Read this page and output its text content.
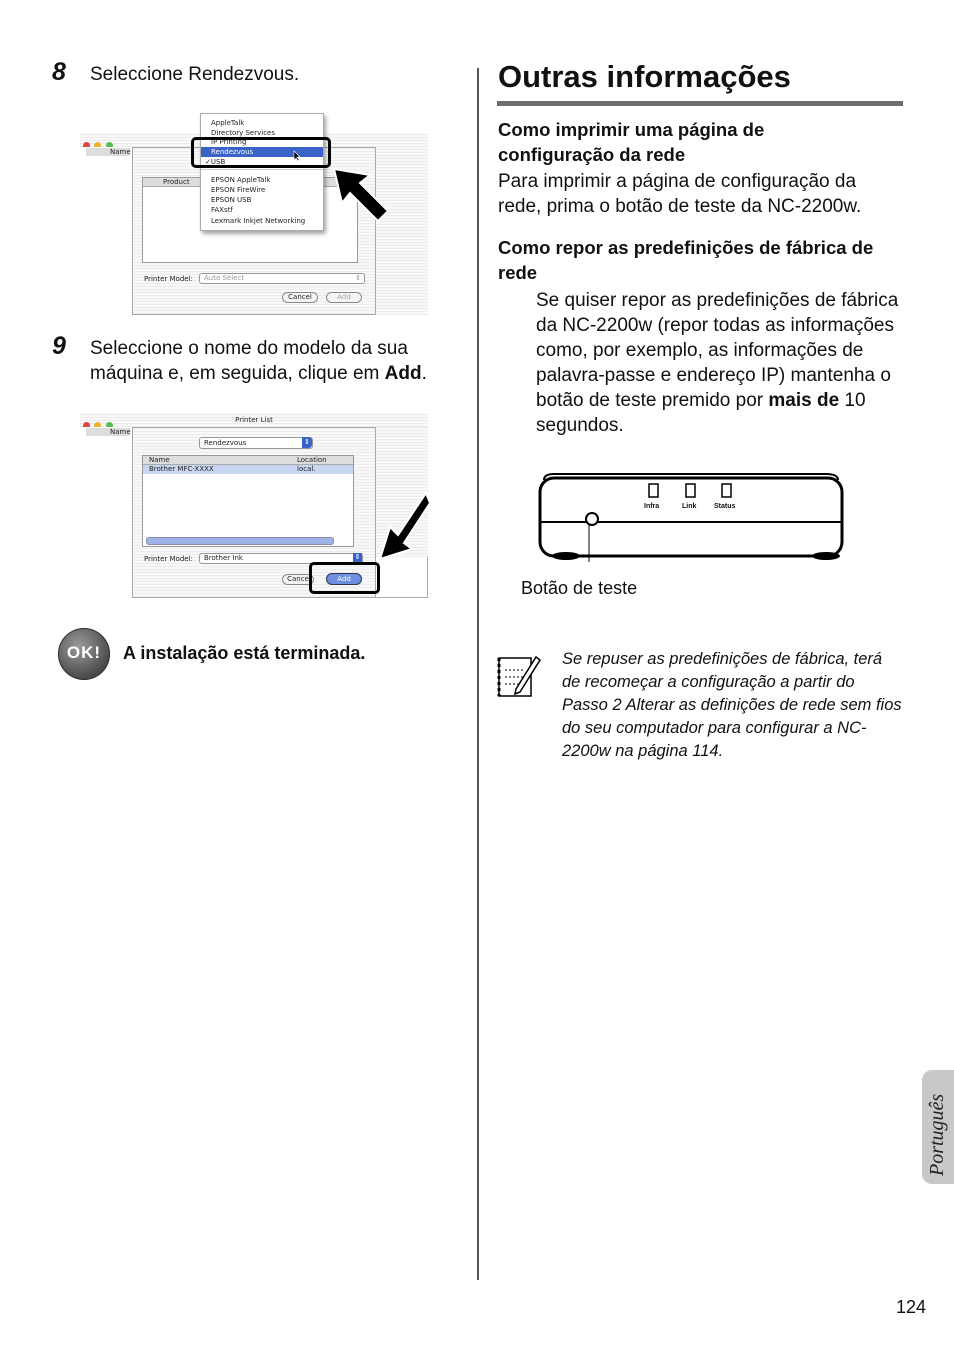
8 Seleccione Rendezvous.

Name
Product
Printer Model:	Auto Select	⇕
Cancel	Add
AppleTalk
Directory Services
IP Printing
Rendezvous
✓USB
EPSON AppleTalk
EPSON FireWire
EPSON USB
FAXstf
Lexmark Inkjet Networking
9 Seleccione o nome do modelo da sua máquina e, em seguida, clique em Add.
Printer List

Name
Rendezvous	⇕
Name	Location
Brother MFC-XXXX	local.
Printer Model:	Brother Ink	⇕
Cance	Add
OK!	A instalação está terminada.
Outras informações
Como imprimir uma página de configuração da rede
Para imprimir a página de configuração da rede, prima o botão de teste da NC-2200w.
Como repor as predefinições de fábrica de rede
Se quiser repor as predefinições de fábrica da NC-2200w (repor todas as informações como, por exemplo, as informações de palavra-passe e endereço IP) mantenha o botão de teste premido por mais de 10 segundos.
Infra	Link	Status
Botão de teste
Se repuser as predefinições de fábrica, terá de recomeçar a configuração a partir do Passo 2 Alterar as definições de rede sem fios do seu computador para configurar a NC-2200w na página 114.
Português
124
